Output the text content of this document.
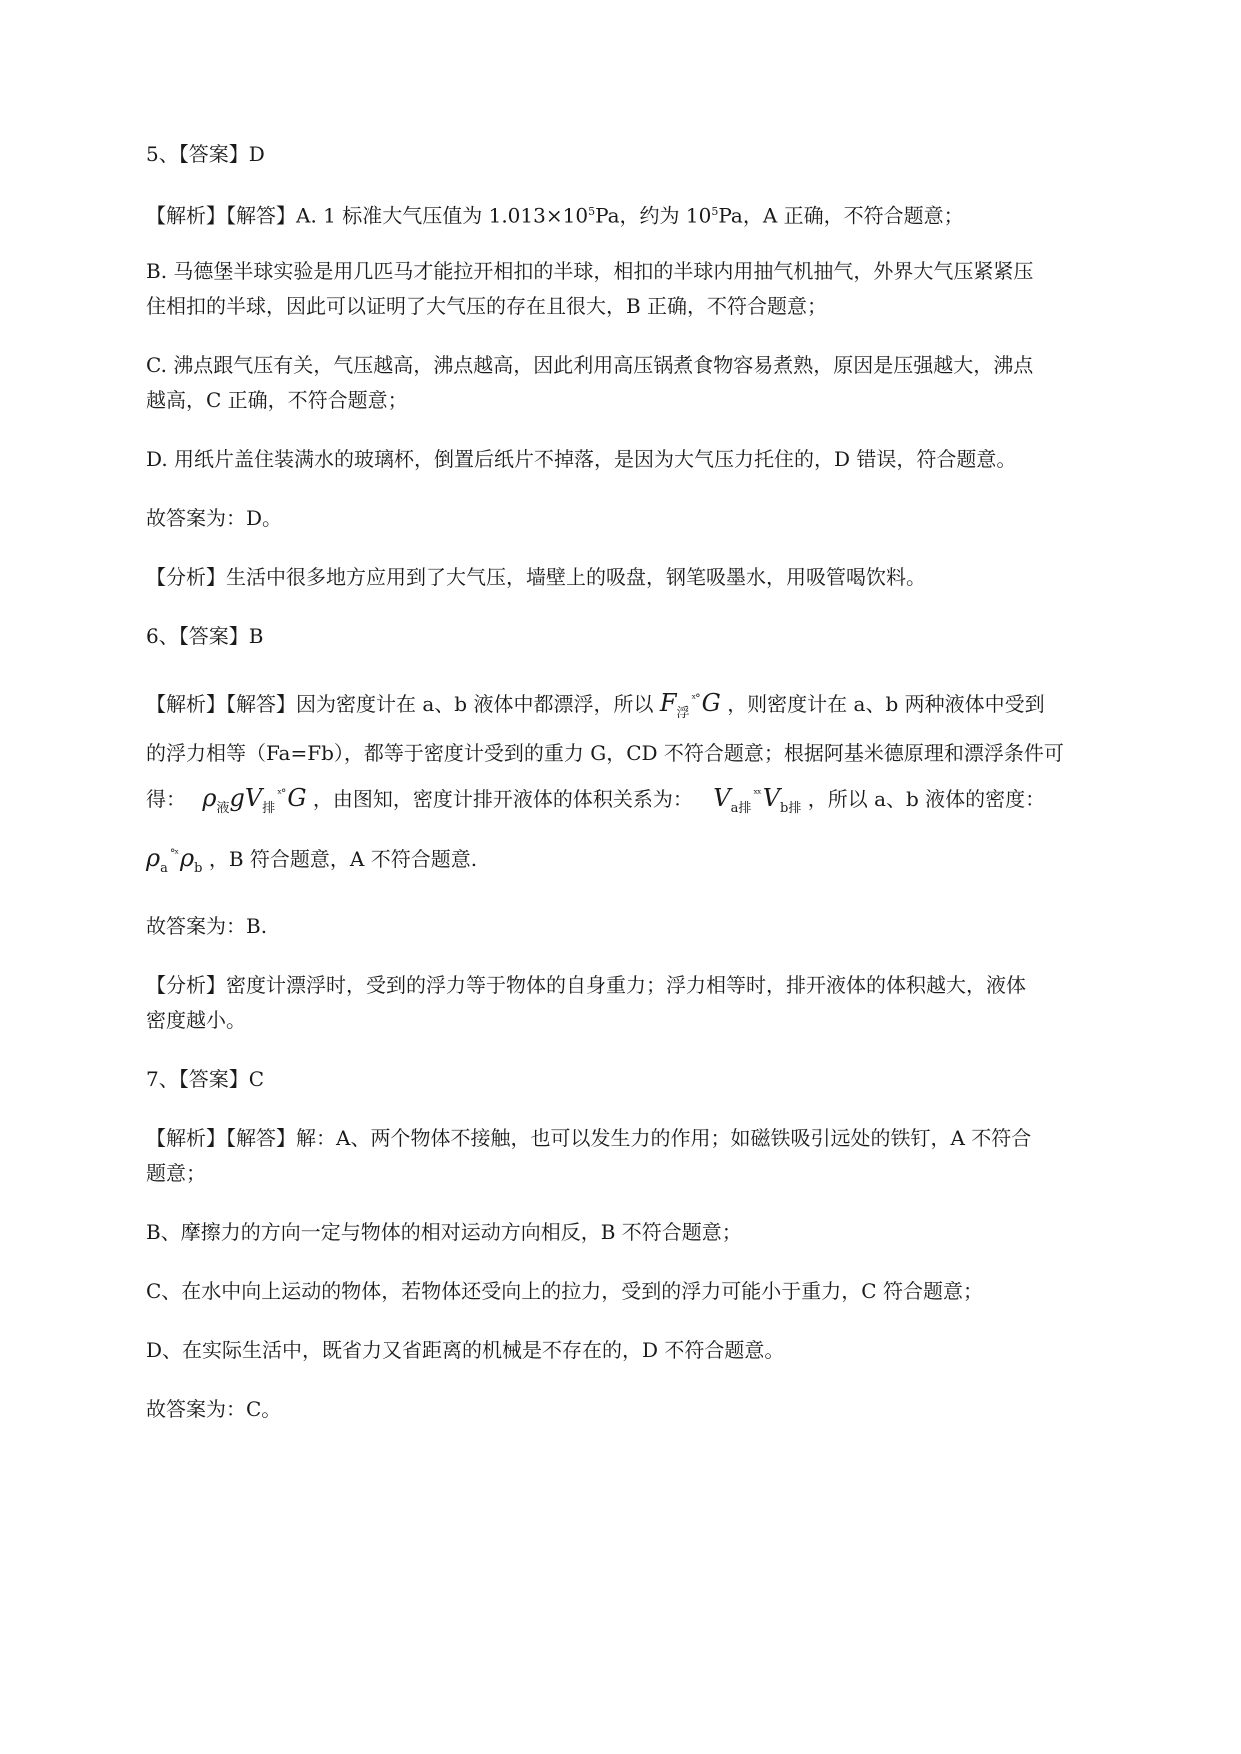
5、【答案】D
【解析】【解答】A. 1 标准大气压值为 $1.013\times 10^5Pa$，约为 $10^5Pa$，A 正确，不符合题意；
B. 马德堡半球实验是用几匹马才能拉开相扣的半球，相扣的半球内用抽气机抽气，外界大气压紧紧压
住相扣的半球，因此可以证明了大气压的存在且很大，B 正确，不符合题意；
C. 沸点跟气压有关，气压越高，沸点越高，因此利用高压锅煮食物容易煮熟，原因是压强越大，沸点
越高，C 正确，不符合题意；
D. 用纸片盖住装满水的玻璃杯，倒置后纸片不掉落，是因为大气压力托住的，D 错误，符合题意。
故答案为：D。
【分析】生活中很多地方应用到了大气压，墙壁上的吸盘，钢笔吸墨水，用吸管喝饮料。
6、【答案】B
【解析】【解答】因为密度计在 a、b 液体中都漂浮，所以 $F_浮^{ˣ^\circ}G$ ，则密度计在 a、b 两种液体中受到
的浮力相等（Fa=Fb），都等于密度计受到的重力 G，CD 不符合题意；根据阿基米德原理和漂浮条件可
得： $\rho_液gV_排^{ˣ^\circ}G$ ，由图知，密度计排开液体的体积关系为： $V_{a排}^{ˣˣ}V_{b排}$ ，所以 a、b 液体的密度：
$\rho_a^{^\circ ˣ}\rho_b$ ，B 符合题意，A 不符合题意.
故答案为：B.
【分析】密度计漂浮时，受到的浮力等于物体的自身重力；浮力相等时，排开液体的体积越大，液体
密度越小。
7、【答案】C
【解析】【解答】解：A、两个物体不接触，也可以发生力的作用；如磁铁吸引远处的铁钉，A 不符合
题意；
B、摩擦力的方向一定与物体的相对运动方向相反，B 不符合题意；
C、在水中向上运动的物体，若物体还受向上的拉力，受到的浮力可能小于重力，C 符合题意；
D、在实际生活中，既省力又省距离的机械是不存在的，D 不符合题意。
故答案为：C。
